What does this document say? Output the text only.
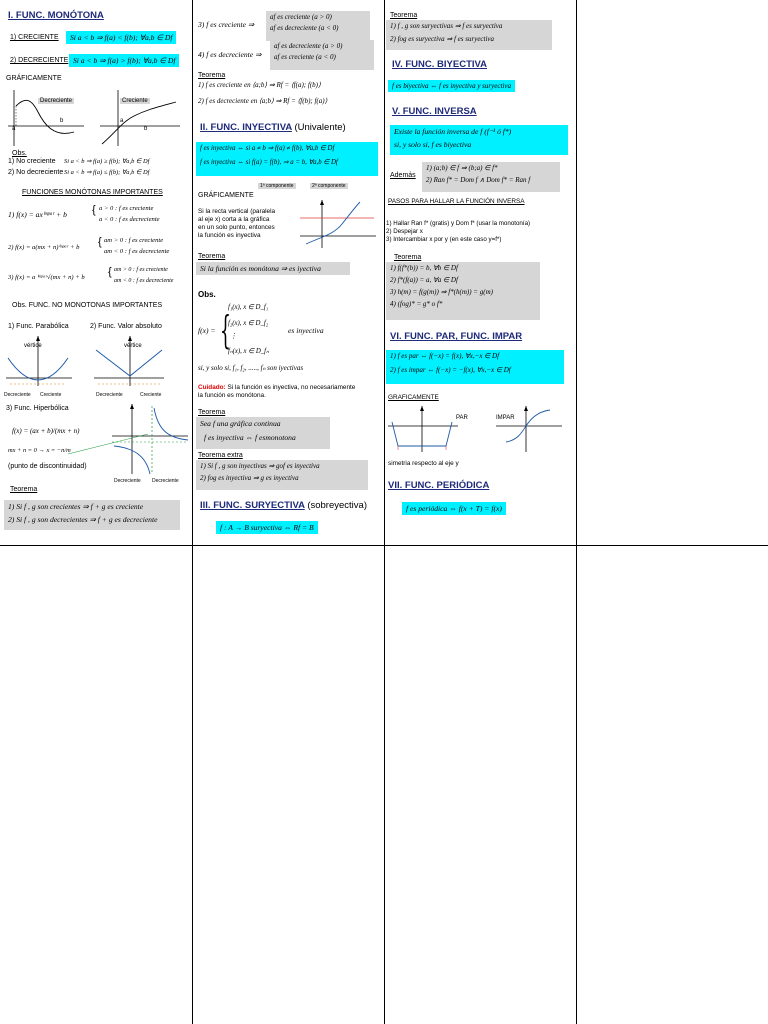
I. FUNC. MONÓTONA
1) CRECIENTE	Si a < b ⇒ f(a) < f(b); ∀a,b ∈ Df
2) DECRECIENTE Si a < b ⇒ f(a) > f(b); ∀a,b ∈ Df
GRÁFICAMENTE
Decreciente
a
b
Creciente
a
b
Obs.
1) No creciente Si a < b ⇒ f(a) ≥ f(b); ∀a,b ∈ Df
2) No decreciente Si a < b ⇒ f(a) ≤ f(b); ∀a,b ∈ Df
FUNCIONES MONÓTONAS IMPORTANTES
1) f(x) = axⁱᵐᵖᵃʳ + b { a > 0 : f es creciente
a < 0 : f es decreciente
2) f(x) = a(mx + n)ⁱᵐᵖᵃʳ + b { am > 0 : f es creciente
am < 0 : f es decreciente
3) f(x) = a ⁱᵐᵖᵃʳ√(mx + n) + b { am > 0 : f es creciente
am < 0 : f es decreciente
Obs. FUNC. NO MONOTONAS IMPORTANTES
1) Func. Parabólica	2) Func. Valor absoluto
vértice
Decreciente Creciente
vértice
Decreciente	Creciente
3) Func. Hiperbólica
f(x) = (ax + b)/(mx + n)
mx + n = 0 → x = −n/m
(punto de discontinuidad)
Decreciente Decreciente
Teorema
1) Si f , g son crecientes ⇒ f + g es creciente
2) Si f , g son decrecientes ⇒ f + g es decreciente
3) f es creciente ⇒
af es creciente (a > 0)
af es decreciente (a < 0)
4) f es decreciente ⇒
af es decreciente (a > 0)
af es creciente (a < 0)
Teorema
1) f es creciente en ⟨a;b⟩ ⇒ Rf = ⟨f(a); f(b)⟩
2) f es decreciente en ⟨a;b⟩ ⇒ Rf = ⟨f(b); f(a)⟩
II. FUNC. INYECTIVA (Univalente)
f es inyectiva ⇔ si a ≠ b ⇒ f(a) ≠ f(b), ∀a,b ∈ Df
f es inyectiva ⇔ si f(a) = f(b), ⇒ a = b, ∀a,b ∈ Df
1ª componente	2ª componente
GRÁFICAMENTE
Si la recta vertical (paralela
al eje x) corta a la gráfica
en un solo punto, entonces
la función es inyectiva
Teorema
Si la función es monótona ⇒ es iyectiva
Obs.
f(x) = {
f₁(x), x ∈ D_f₁
f₂(x), x ∈ D_f₂
⋮
fₙ(x), x ∈ D_fₙ
es inyectiva
si, y solo si, f₁, f₂, ....., fₙ son iyectivas
Cuidado: Si la función es inyectiva, no necesariamente
la función es monótona.
Teorema
Sea f una gráfica continua
f es inyectiva ⇔ f esmonotona
Teorema extra
1) Si f , g son inyectivas ⇒ gof es inyectiva
2) fog es inyectiva ⇒ g es inyectiva
III. FUNC. SURYECTIVA (sobreyectiva)
f : A → B suryectiva ⇔ Rf = B
Teorema
1) f , g son suryectivas ⇒ f es suryectiva
2) fog es suryectiva ⇒ f es suryectiva
IV. FUNC. BIYECTIVA
f es biyectiva ⇔ f es inyectiva y suryectiva
V. FUNC. INVERSA
Existe la función inversa de f (f⁻¹ ó f*)
si, y solo si, f es biyectiva
Además
1) (a;b) ∈ f ⇒ (b;a) ∈ f*
2) Ran f* = Dom f ∧ Dom f* = Ran f
PASOS PARA HALLAR LA FUNCIÓN INVERSA
1) Hallar Ran f* (gratis) y Dom f* (usar la monotonía)
2) Despejar x
3) Intercambiar x por y (en este caso y=f*)
Teorema
1) f(f*(b)) = b, ∀b ∈ Df
2) f*(f(a)) = a, ∀a ∈ Df
3) h(m) = f(g(m)) ⇒ f*(h(m)) = g(m)
4) (fog)* = g* o f*
VI. FUNC. PAR, FUNC. IMPAR
1) f es par ⇔ f(−x) = f(x), ∀x,−x ∈ Df
2) f es impar ⇔ f(−x) = −f(x), ∀x,−x ∈ Df
GRAFICAMENTE
PAR	IMPAR
simetria respecto al eje y
VII. FUNC. PERIÓDICA
f es periódica ⇔ f(x + T) = f(x)
